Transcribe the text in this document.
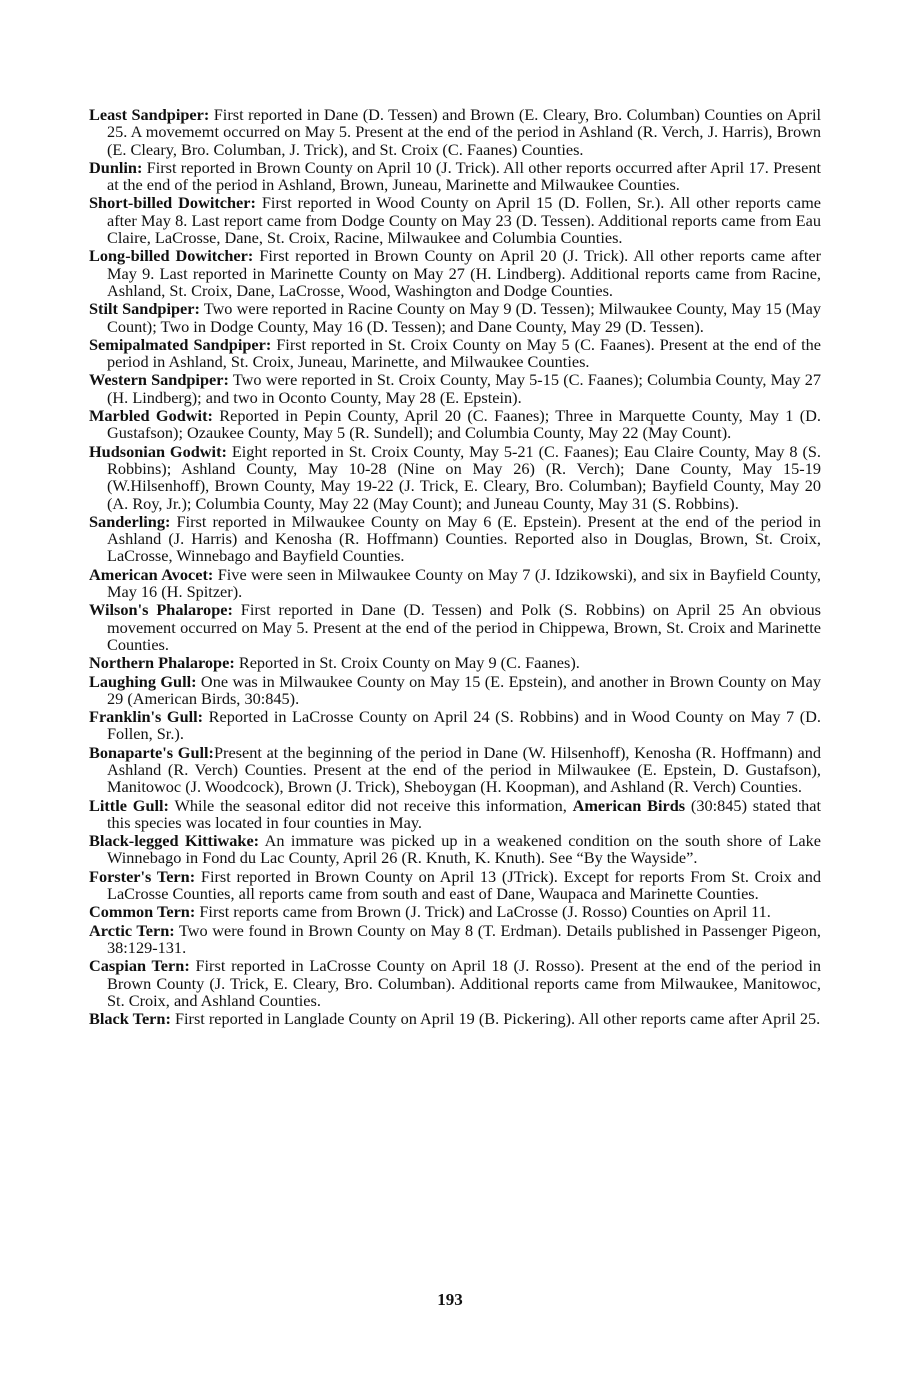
Least Sandpiper: First reported in Dane (D. Tessen) and Brown (E. Cleary, Bro. Columban) Counties on April 25. A movememt occurred on May 5. Present at the end of the period in Ashland (R. Verch, J. Harris), Brown (E. Cleary, Bro. Columban, J. Trick), and St. Croix (C. Faanes) Counties.

Dunlin: First reported in Brown County on April 10 (J. Trick). All other reports occurred after April 17. Present at the end of the period in Ashland, Brown, Juneau, Marinette and Milwaukee Counties.

Short-billed Dowitcher: First reported in Wood County on April 15 (D. Follen, Sr.). All other reports came after May 8. Last report came from Dodge County on May 23 (D. Tessen). Additional reports came from Eau Claire, LaCrosse, Dane, St. Croix, Racine, Milwaukee and Columbia Counties.

Long-billed Dowitcher: First reported in Brown County on April 20 (J. Trick). All other reports came after May 9. Last reported in Marinette County on May 27 (H. Lindberg). Additional reports came from Racine, Ashland, St. Croix, Dane, LaCrosse, Wood, Washington and Dodge Counties.

Stilt Sandpiper: Two were reported in Racine County on May 9 (D. Tessen); Milwaukee County, May 15 (May Count); Two in Dodge County, May 16 (D. Tessen); and Dane County, May 29 (D. Tessen).

Semipalmated Sandpiper: First reported in St. Croix County on May 5 (C. Faanes). Present at the end of the period in Ashland, St. Croix, Juneau, Marinette, and Milwaukee Counties.

Western Sandpiper: Two were reported in St. Croix County, May 5-15 (C. Faanes); Columbia County, May 27 (H. Lindberg); and two in Oconto County, May 28 (E. Epstein).

Marbled Godwit: Reported in Pepin County, April 20 (C. Faanes); Three in Marquette County, May 1 (D. Gustafson); Ozaukee County, May 5 (R. Sundell); and Columbia County, May 22 (May Count).

Hudsonian Godwit: Eight reported in St. Croix County, May 5-21 (C. Faanes); Eau Claire County, May 8 (S. Robbins); Ashland County, May 10-28 (Nine on May 26) (R. Verch); Dane County, May 15-19 (W.Hilsenhoff), Brown County, May 19-22 (J. Trick, E. Cleary, Bro. Columban); Bayfield County, May 20 (A. Roy, Jr.); Columbia County, May 22 (May Count); and Juneau County, May 31 (S. Robbins).

Sanderling: First reported in Milwaukee County on May 6 (E. Epstein). Present at the end of the period in Ashland (J. Harris) and Kenosha (R. Hoffmann) Counties. Reported also in Douglas, Brown, St. Croix, LaCrosse, Winnebago and Bayfield Counties.

American Avocet: Five were seen in Milwaukee County on May 7 (J. Idzikowski), and six in Bayfield County, May 16 (H. Spitzer).

Wilson's Phalarope: First reported in Dane (D. Tessen) and Polk (S. Robbins) on April 25 An obvious movement occurred on May 5. Present at the end of the period in Chippewa, Brown, St. Croix and Marinette Counties.

Northern Phalarope: Reported in St. Croix County on May 9 (C. Faanes).

Laughing Gull: One was in Milwaukee County on May 15 (E. Epstein), and another in Brown County on May 29 (American Birds, 30:845).

Franklin's Gull: Reported in LaCrosse County on April 24 (S. Robbins) and in Wood County on May 7 (D. Follen, Sr.).

Bonaparte's Gull:Present at the beginning of the period in Dane (W. Hilsenhoff), Kenosha (R. Hoffmann) and Ashland (R. Verch) Counties. Present at the end of the period in Milwaukee (E. Epstein, D. Gustafson), Manitowoc (J. Woodcock), Brown (J. Trick), Sheboygan (H. Koopman), and Ashland (R. Verch) Counties.

Little Gull: While the seasonal editor did not receive this information, American Birds (30:845) stated that this species was located in four counties in May.

Black-legged Kittiwake: An immature was picked up in a weakened condition on the south shore of Lake Winnebago in Fond du Lac County, April 26 (R. Knuth, K. Knuth). See “By the Wayside”.

Forster's Tern: First reported in Brown County on April 13 (JTrick). Except for reports From St. Croix and LaCrosse Counties, all reports came from south and east of Dane, Waupaca and Marinette Counties.

Common Tern: First reports came from Brown (J. Trick) and LaCrosse (J. Rosso) Counties on April 11.

Arctic Tern: Two were found in Brown County on May 8 (T. Erdman). Details published in Passenger Pigeon, 38:129-131.

Caspian Tern: First reported in LaCrosse County on April 18 (J. Rosso). Present at the end of the period in Brown County (J. Trick, E. Cleary, Bro. Columban). Additional reports came from Milwaukee, Manitowoc, St. Croix, and Ashland Counties.

Black Tern: First reported in Langlade County on April 19 (B. Pickering). All other reports came after April 25.

193
